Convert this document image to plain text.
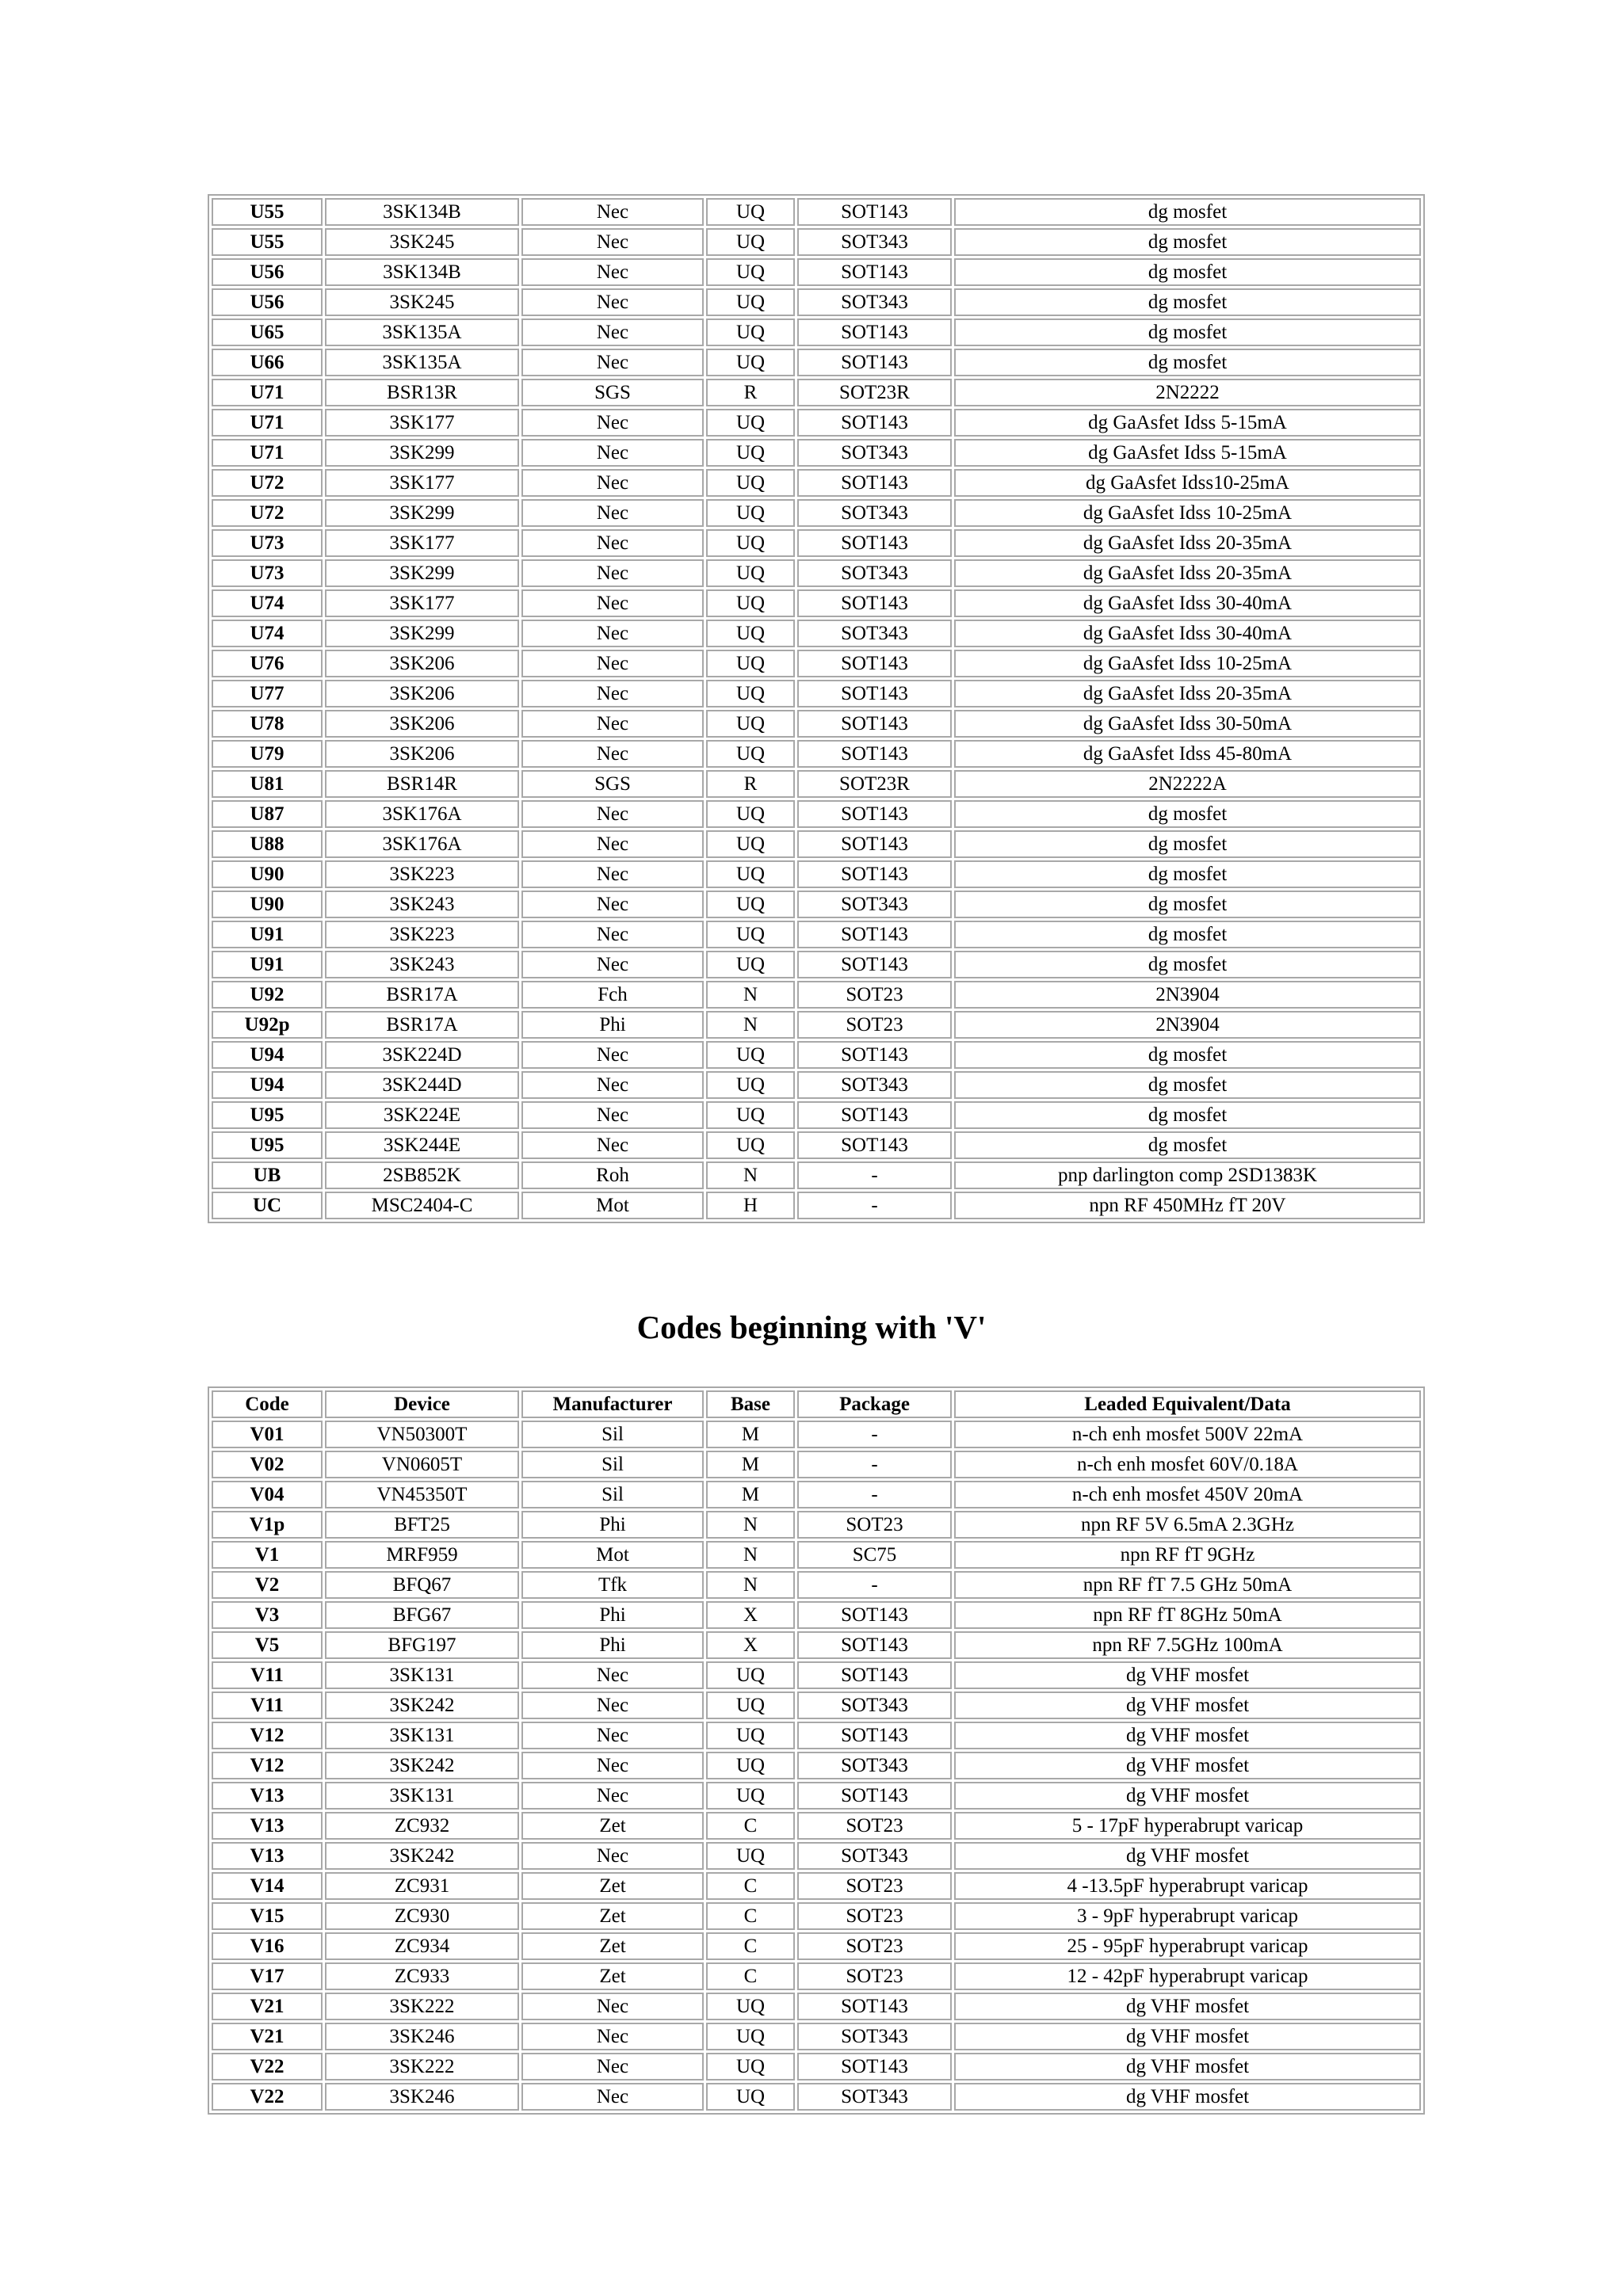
U55	3SK134B	Nec	UQ	SOT143	dg mosfet
U55	3SK245	Nec	UQ	SOT343	dg mosfet
U56	3SK134B	Nec	UQ	SOT143	dg mosfet
U56	3SK245	Nec	UQ	SOT343	dg mosfet
U65	3SK135A	Nec	UQ	SOT143	dg mosfet
U66	3SK135A	Nec	UQ	SOT143	dg mosfet
U71	BSR13R	SGS	R	SOT23R	2N2222
U71	3SK177	Nec	UQ	SOT143	dg GaAsfet Idss 5-15mA
U71	3SK299	Nec	UQ	SOT343	dg GaAsfet Idss 5-15mA
U72	3SK177	Nec	UQ	SOT143	dg GaAsfet Idss10-25mA
U72	3SK299	Nec	UQ	SOT343	dg GaAsfet Idss 10-25mA
U73	3SK177	Nec	UQ	SOT143	dg GaAsfet Idss 20-35mA
U73	3SK299	Nec	UQ	SOT343	dg GaAsfet Idss 20-35mA
U74	3SK177	Nec	UQ	SOT143	dg GaAsfet Idss 30-40mA
U74	3SK299	Nec	UQ	SOT343	dg GaAsfet Idss 30-40mA
U76	3SK206	Nec	UQ	SOT143	dg GaAsfet Idss 10-25mA
U77	3SK206	Nec	UQ	SOT143	dg GaAsfet Idss 20-35mA
U78	3SK206	Nec	UQ	SOT143	dg GaAsfet Idss 30-50mA
U79	3SK206	Nec	UQ	SOT143	dg GaAsfet Idss 45-80mA
U81	BSR14R	SGS	R	SOT23R	2N2222A
U87	3SK176A	Nec	UQ	SOT143	dg mosfet
U88	3SK176A	Nec	UQ	SOT143	dg mosfet
U90	3SK223	Nec	UQ	SOT143	dg mosfet
U90	3SK243	Nec	UQ	SOT343	dg mosfet
U91	3SK223	Nec	UQ	SOT143	dg mosfet
U91	3SK243	Nec	UQ	SOT143	dg mosfet
U92	BSR17A	Fch	N	SOT23	2N3904
U92p	BSR17A	Phi	N	SOT23	2N3904
U94	3SK224D	Nec	UQ	SOT143	dg mosfet
U94	3SK244D	Nec	UQ	SOT343	dg mosfet
U95	3SK224E	Nec	UQ	SOT143	dg mosfet
U95	3SK244E	Nec	UQ	SOT143	dg mosfet
UB	2SB852K	Roh	N	-	pnp darlington comp 2SD1383K
UC	MSC2404-C	Mot	H	-	npn RF 450MHz fT 20V
Codes beginning with 'V'
Code	Device	Manufacturer	Base	Package	Leaded Equivalent/Data
V01	VN50300T	Sil	M	-	n-ch enh mosfet 500V 22mA
V02	VN0605T	Sil	M	-	n-ch enh mosfet 60V/0.18A
V04	VN45350T	Sil	M	-	n-ch enh mosfet 450V 20mA
V1p	BFT25	Phi	N	SOT23	npn RF 5V 6.5mA 2.3GHz
V1	MRF959	Mot	N	SC75	npn RF fT 9GHz
V2	BFQ67	Tfk	N	-	npn RF fT 7.5 GHz 50mA
V3	BFG67	Phi	X	SOT143	npn RF fT 8GHz 50mA
V5	BFG197	Phi	X	SOT143	npn RF 7.5GHz 100mA
V11	3SK131	Nec	UQ	SOT143	dg VHF mosfet
V11	3SK242	Nec	UQ	SOT343	dg VHF mosfet
V12	3SK131	Nec	UQ	SOT143	dg VHF mosfet
V12	3SK242	Nec	UQ	SOT343	dg VHF mosfet
V13	3SK131	Nec	UQ	SOT143	dg VHF mosfet
V13	ZC932	Zet	C	SOT23	5 - 17pF hyperabrupt varicap
V13	3SK242	Nec	UQ	SOT343	dg VHF mosfet
V14	ZC931	Zet	C	SOT23	4 -13.5pF hyperabrupt varicap
V15	ZC930	Zet	C	SOT23	3 - 9pF hyperabrupt varicap
V16	ZC934	Zet	C	SOT23	25 - 95pF hyperabrupt varicap
V17	ZC933	Zet	C	SOT23	12 - 42pF hyperabrupt varicap
V21	3SK222	Nec	UQ	SOT143	dg VHF mosfet
V21	3SK246	Nec	UQ	SOT343	dg VHF mosfet
V22	3SK222	Nec	UQ	SOT143	dg VHF mosfet
V22	3SK246	Nec	UQ	SOT343	dg VHF mosfet
